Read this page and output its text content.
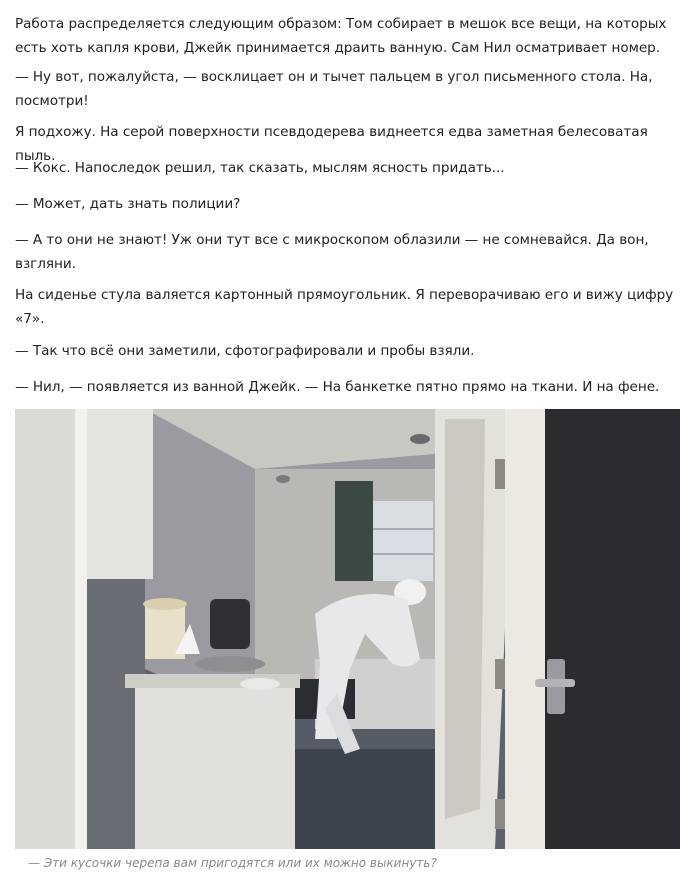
Работа распределяется следующим образом: Том собирает в мешок все вещи, на которых есть хоть капля крови, Джейк принимается драить ванную. Сам Нил осматривает номер.

— Ну вот, пожалуйста, — восклицает он и тычет пальцем в угол письменного стола. На, посмотри!

Я подхожу. На серой поверхности псевдодерева виднеется едва заметная белесоватая пыль.

— Кокс. Напоследок решил, так сказать, мыслям ясность придать...

— Может, дать знать полиции?

— А то они не знают! Уж они тут все с микроскопом облазили — не сомневайся. Да вон, взгляни.

На сиденье стула валяется картонный прямоугольник. Я переворачиваю его и вижу цифру «7».

— Так что всё они заметили, сфотографировали и пробы взяли.

— Нил, — появляется из ванной Джейк. — На банкетке пятно прямо на ткани. И на фене.

— Эти кусочки черепа вам пригодятся или их можно выкинуть?
